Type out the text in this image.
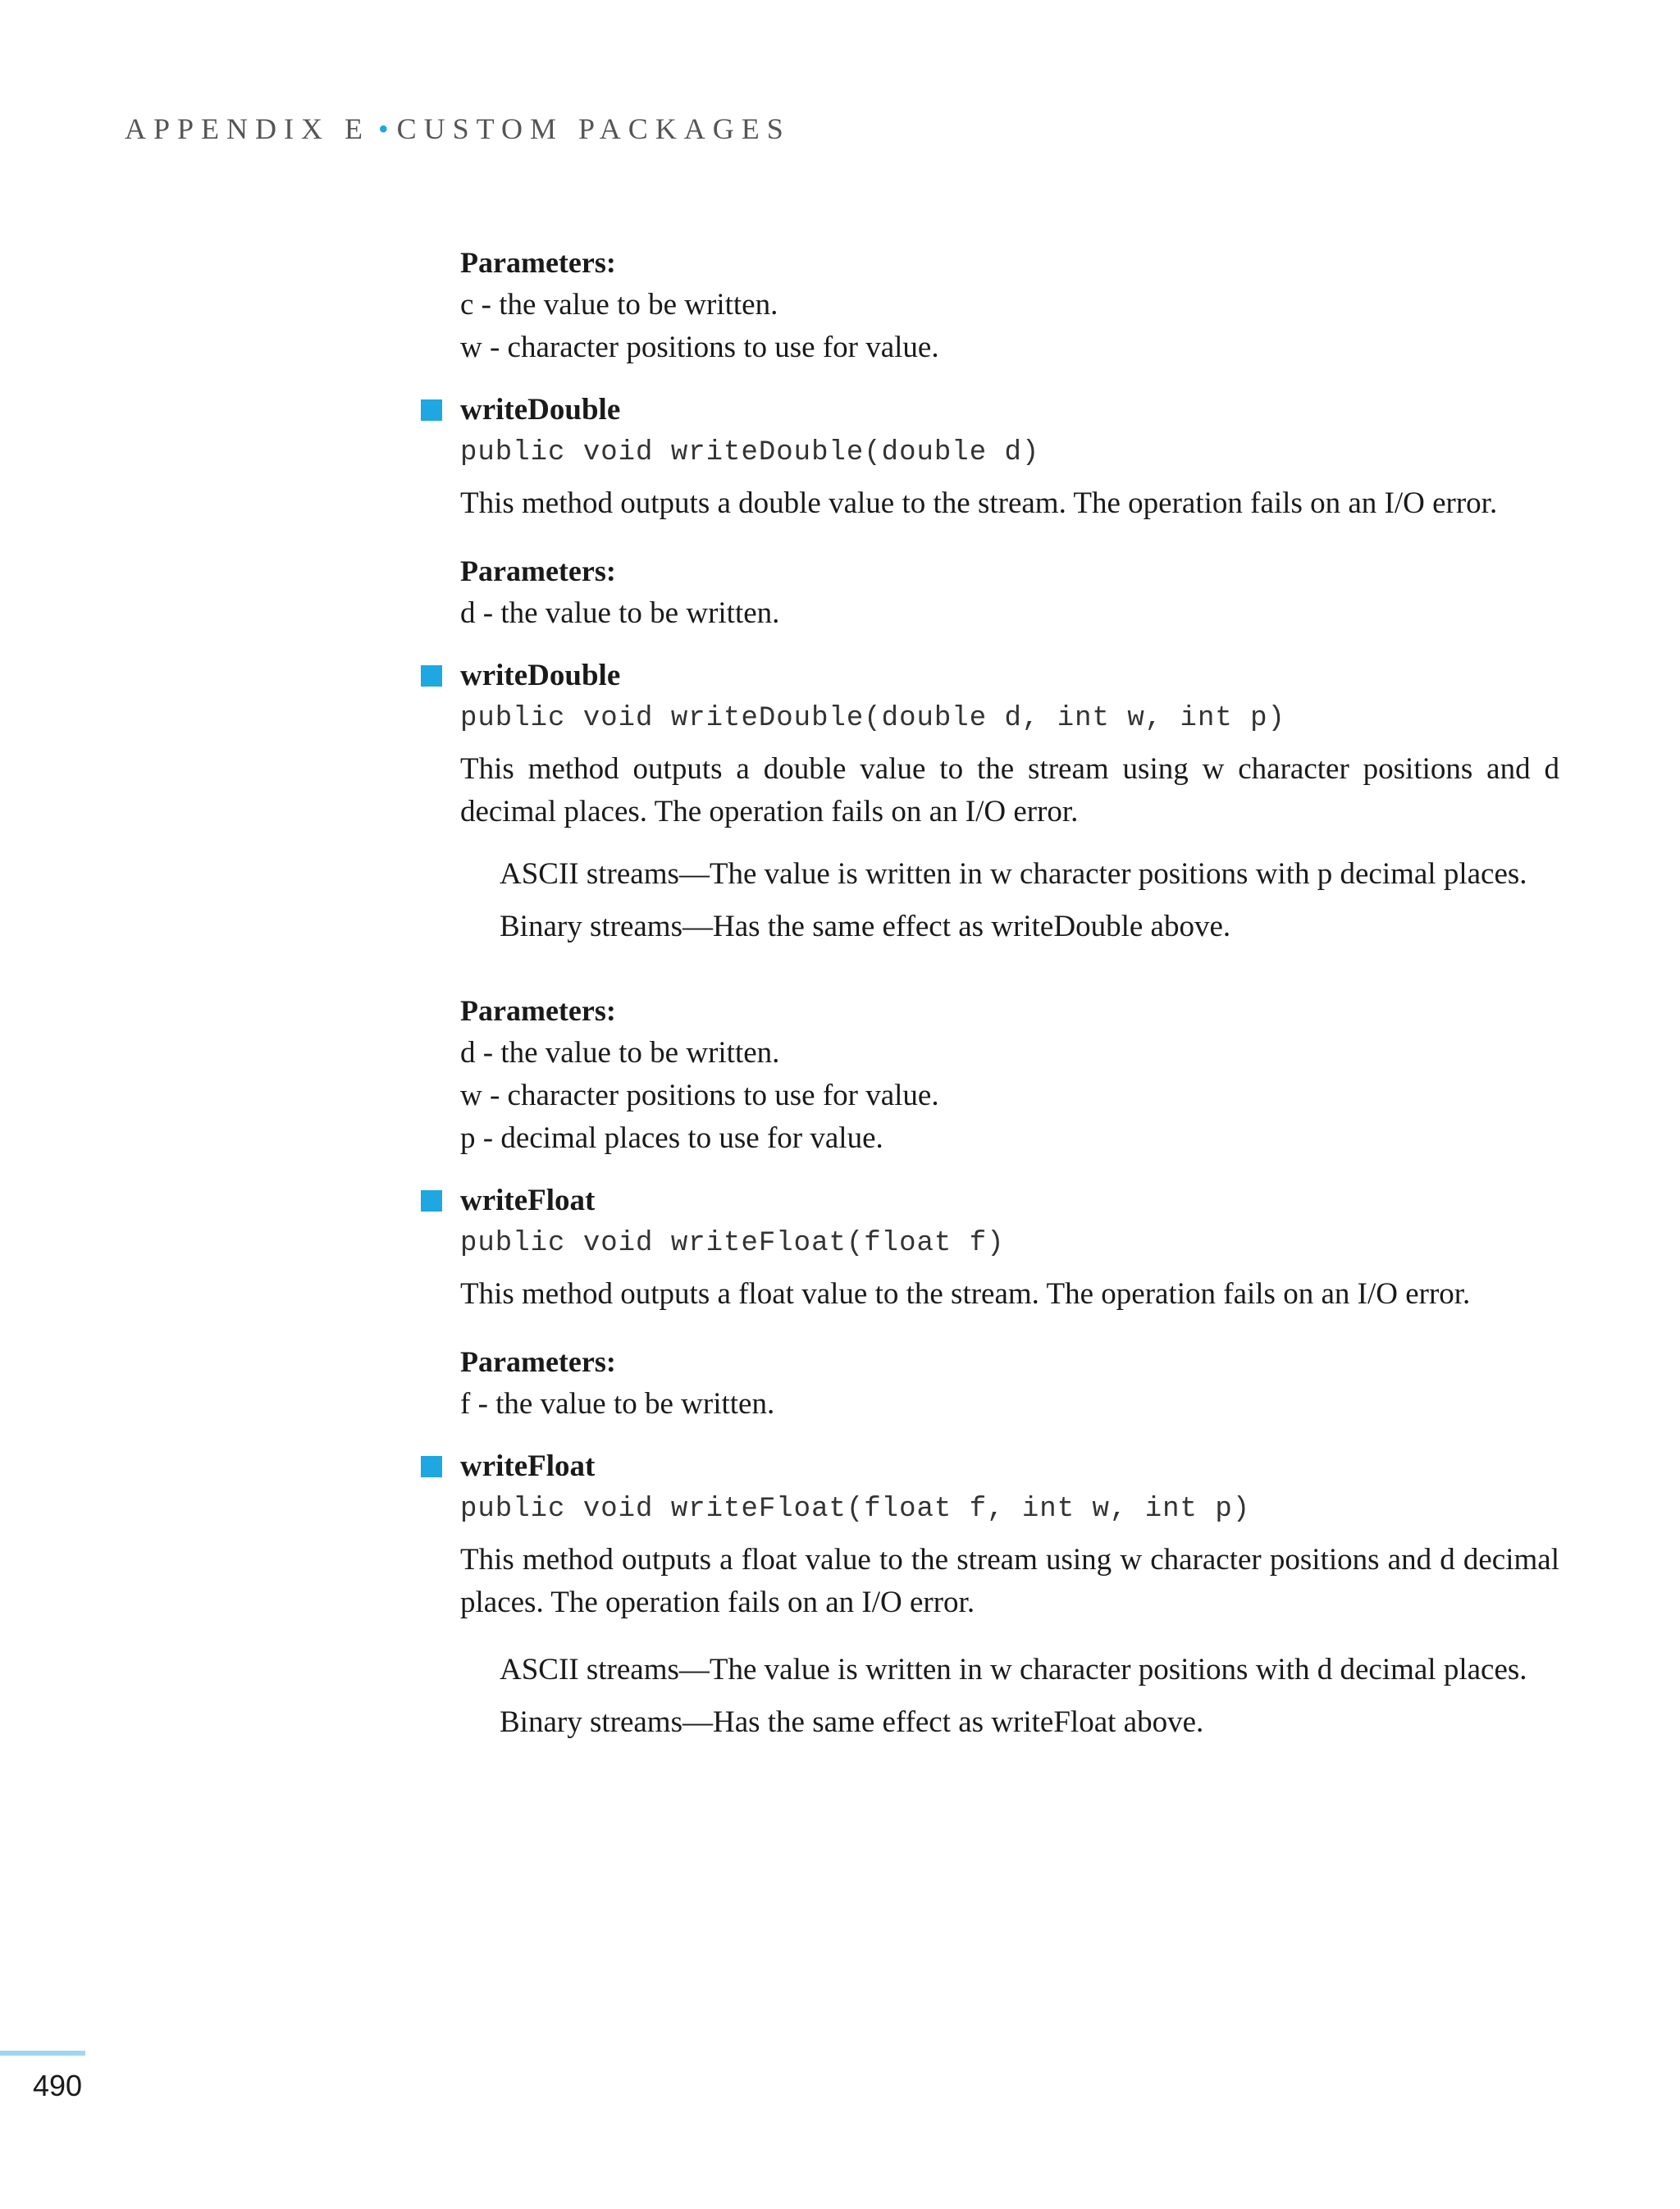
APPENDIX E • CUSTOM PACKAGES
Parameters:
c - the value to be written.
w - character positions to use for value.
writeDouble
public void writeDouble(double d)
This method outputs a double value to the stream. The operation fails on an I/O error.
Parameters:
d - the value to be written.
writeDouble
public void writeDouble(double d, int w, int p)
This method outputs a double value to the stream using w character positions and d decimal places. The operation fails on an I/O error.

ASCII streams—The value is written in w character positions with p decimal places.

Binary streams—Has the same effect as writeDouble above.

Parameters:
d - the value to be written.
w - character positions to use for value.
p - decimal places to use for value.
writeFloat
public void writeFloat(float f)
This method outputs a float value to the stream. The operation fails on an I/O error.
Parameters:
f - the value to be written.
writeFloat
public void writeFloat(float f, int w, int p)
This method outputs a float value to the stream using w character positions and d decimal places. The operation fails on an I/O error.

ASCII streams—The value is written in w character positions with d decimal places.

Binary streams—Has the same effect as writeFloat above.

490
